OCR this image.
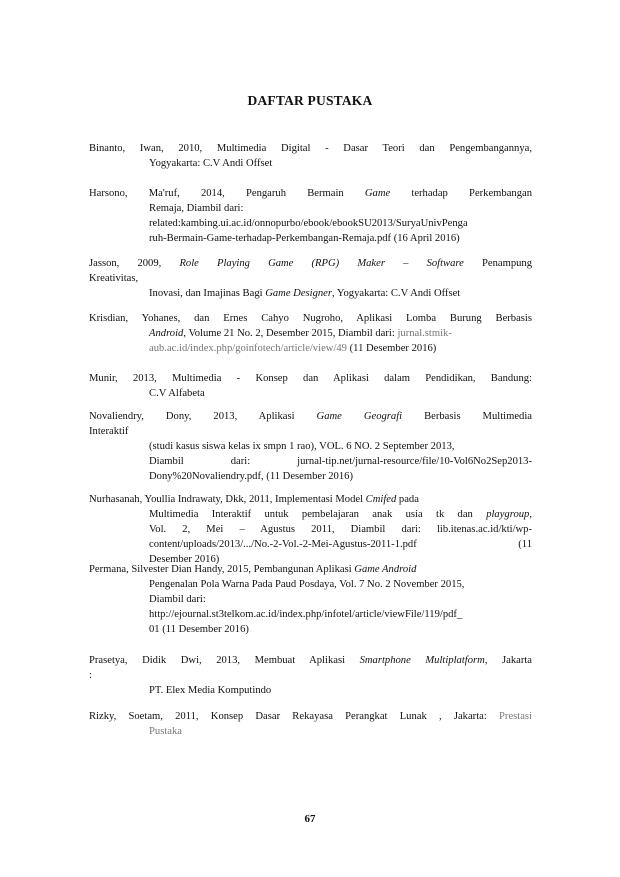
DAFTAR PUSTAKA
Binanto, Iwan, 2010, Multimedia Digital - Dasar Teori dan Pengembangannya,
Yogyakarta: C.V Andi Offset
Harsono, Ma'ruf, 2014, Pengaruh Bermain Game terhadap Perkembangan
Remaja, Diambil dari:
related:kambing.ui.ac.id/onnopurbo/ebook/ebookSU2013/SuryaUnivPenga
ruh-Bermain-Game-terhadap-Perkembangan-Remaja.pdf (16 April 2016)
Jasson, 2009, Role Playing Game (RPG) Maker – Software Penampung
Kreativitas,
Inovasi, dan Imajinas Bagi Game Designer, Yogyakarta: C.V Andi Offset
Krisdian, Yohanes, dan Ernes Cahyo Nugroho, Aplikasi Lomba Burung Berbasis
Android, Volume 21 No. 2, Desember 2015, Diambil dari: jurnal.stmik-
aub.ac.id/index.php/goinfotech/article/view/49 (11 Desember 2016)
Munir, 2013, Multimedia - Konsep dan Aplikasi dalam Pendidikan, Bandung:
C.V Alfabeta
Novaliendry, Dony, 2013, Aplikasi Game Geografi Berbasis Multimedia
Interaktif
(studi kasus siswa kelas ix smpn 1 rao), VOL. 6 NO. 2 September 2013,
Diambil dari: jurnal-tip.net/jurnal-resource/file/10-Vol6No2Sep2013-
Dony%20Novaliendry.pdf, (11 Desember 2016)
Nurhasanah, Youllia Indrawaty, Dkk, 2011, Implementasi Model Cmifed pada
Multimedia Interaktif untuk pembelajaran anak usia tk dan playgroup,
Vol. 2, Mei – Agustus 2011, Diambil dari: lib.itenas.ac.id/kti/wp-
content/uploads/2013/.../No.-2-Vol.-2-Mei-Agustus-2011-1.pdf	(11
Desember 2016)
Permana, Silvester Dian Handy, 2015, Pembangunan Aplikasi Game Android
Pengenalan Pola Warna Pada Paud Posdaya, Vol. 7 No. 2 November 2015,
Diambil dari:
http://ejournal.st3telkom.ac.id/index.php/infotel/article/viewFile/119/pdf_
01 (11 Desember 2016)
Prasetya, Didik Dwi, 2013, Membuat Aplikasi Smartphone Multiplatform, Jakarta
:
PT. Elex Media Komputindo
Rizky, Soetam, 2011, Konsep Dasar Rekayasa Perangkat Lunak , Jakarta: Prestasi
Pustaka
67
